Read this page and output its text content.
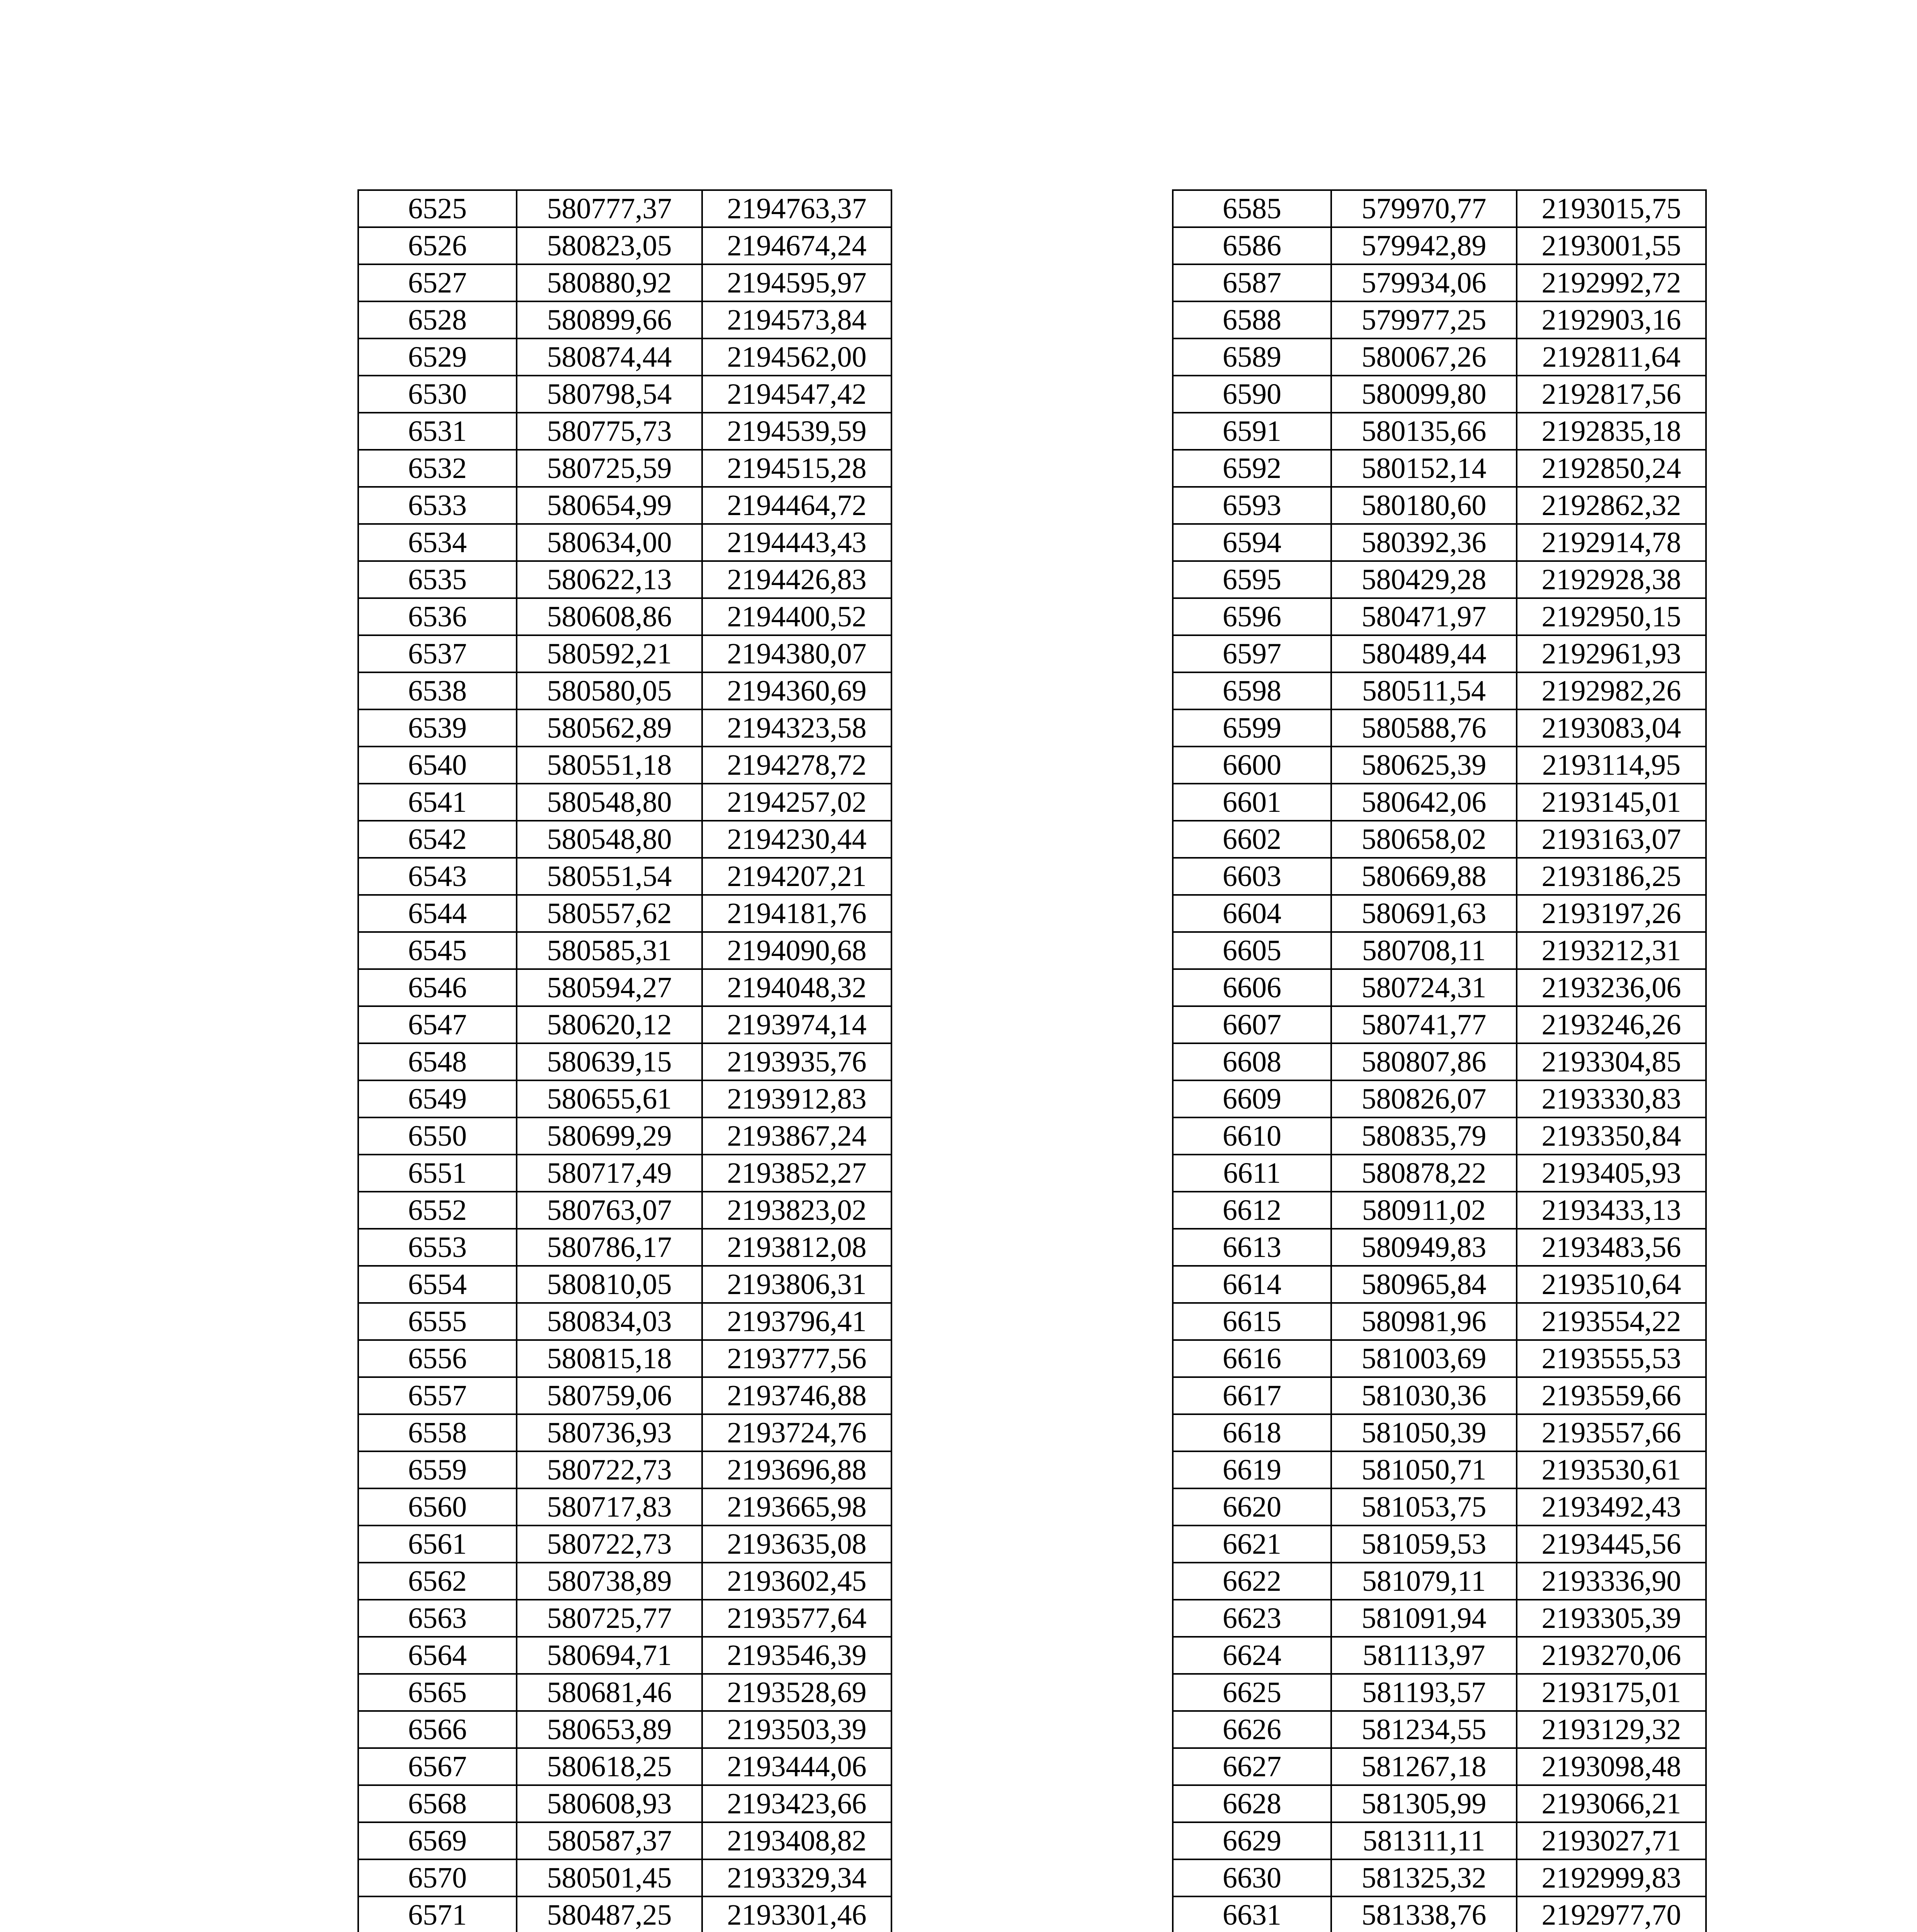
6525	580777,37	2194763,37
6526	580823,05	2194674,24
6527	580880,92	2194595,97
6528	580899,66	2194573,84
6529	580874,44	2194562,00
6530	580798,54	2194547,42
6531	580775,73	2194539,59
6532	580725,59	2194515,28
6533	580654,99	2194464,72
6534	580634,00	2194443,43
6535	580622,13	2194426,83
6536	580608,86	2194400,52
6537	580592,21	2194380,07
6538	580580,05	2194360,69
6539	580562,89	2194323,58
6540	580551,18	2194278,72
6541	580548,80	2194257,02
6542	580548,80	2194230,44
6543	580551,54	2194207,21
6544	580557,62	2194181,76
6545	580585,31	2194090,68
6546	580594,27	2194048,32
6547	580620,12	2193974,14
6548	580639,15	2193935,76
6549	580655,61	2193912,83
6550	580699,29	2193867,24
6551	580717,49	2193852,27
6552	580763,07	2193823,02
6553	580786,17	2193812,08
6554	580810,05	2193806,31
6555	580834,03	2193796,41
6556	580815,18	2193777,56
6557	580759,06	2193746,88
6558	580736,93	2193724,76
6559	580722,73	2193696,88
6560	580717,83	2193665,98
6561	580722,73	2193635,08
6562	580738,89	2193602,45
6563	580725,77	2193577,64
6564	580694,71	2193546,39
6565	580681,46	2193528,69
6566	580653,89	2193503,39
6567	580618,25	2193444,06
6568	580608,93	2193423,66
6569	580587,37	2193408,82
6570	580501,45	2193329,34
6571	580487,25	2193301,46

6585	579970,77	2193015,75
6586	579942,89	2193001,55
6587	579934,06	2192992,72
6588	579977,25	2192903,16
6589	580067,26	2192811,64
6590	580099,80	2192817,56
6591	580135,66	2192835,18
6592	580152,14	2192850,24
6593	580180,60	2192862,32
6594	580392,36	2192914,78
6595	580429,28	2192928,38
6596	580471,97	2192950,15
6597	580489,44	2192961,93
6598	580511,54	2192982,26
6599	580588,76	2193083,04
6600	580625,39	2193114,95
6601	580642,06	2193145,01
6602	580658,02	2193163,07
6603	580669,88	2193186,25
6604	580691,63	2193197,26
6605	580708,11	2193212,31
6606	580724,31	2193236,06
6607	580741,77	2193246,26
6608	580807,86	2193304,85
6609	580826,07	2193330,83
6610	580835,79	2193350,84
6611	580878,22	2193405,93
6612	580911,02	2193433,13
6613	580949,83	2193483,56
6614	580965,84	2193510,64
6615	580981,96	2193554,22
6616	581003,69	2193555,53
6617	581030,36	2193559,66
6618	581050,39	2193557,66
6619	581050,71	2193530,61
6620	581053,75	2193492,43
6621	581059,53	2193445,56
6622	581079,11	2193336,90
6623	581091,94	2193305,39
6624	581113,97	2193270,06
6625	581193,57	2193175,01
6626	581234,55	2193129,32
6627	581267,18	2193098,48
6628	581305,99	2193066,21
6629	581311,11	2193027,71
6630	581325,32	2192999,83
6631	581338,76	2192977,70
